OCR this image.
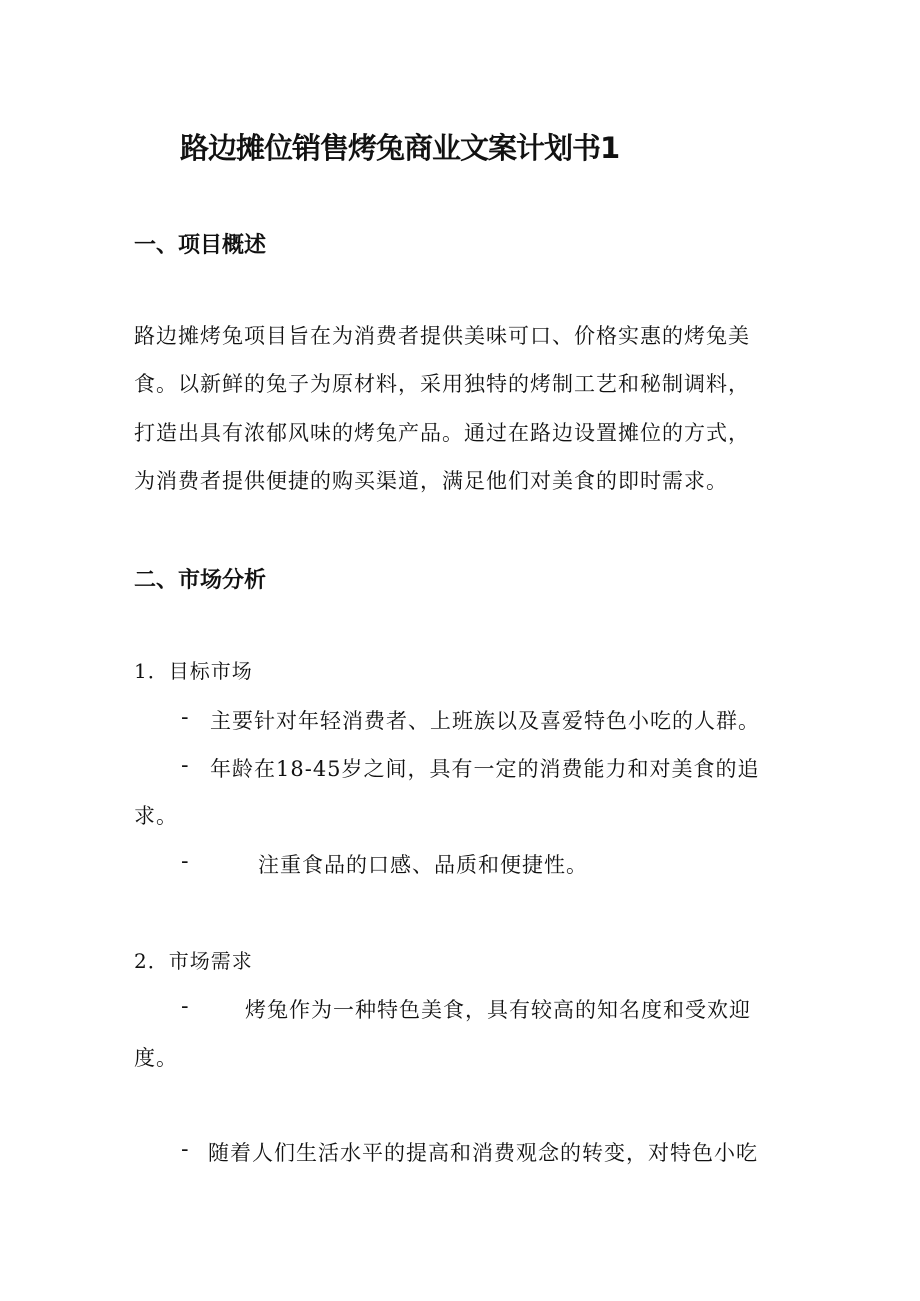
路边摊位销售烤兔商业文案计划书1
一、项目概述

路边摊烤兔项目旨在为消费者提供美味可口、价格实惠的烤兔美

食。以新鲜的兔子为原材料，采用独特的烤制工艺和秘制调料，

打造出具有浓郁风味的烤兔产品。通过在路边设置摊位的方式，

为消费者提供便捷的购买渠道，满足他们对美食的即时需求。

二、市场分析

1．目标市场

- 主要针对年轻消费者、上班族以及喜爱特色小吃的人群。

- 年龄在18-45岁之间，具有一定的消费能力和对美食的追

求。

-	注重食品的口感、品质和便捷性。

2．市场需求

-	烤兔作为一种特色美食，具有较高的知名度和受欢迎

度。

- 随着人们生活水平的提高和消费观念的转变，对特色小吃
